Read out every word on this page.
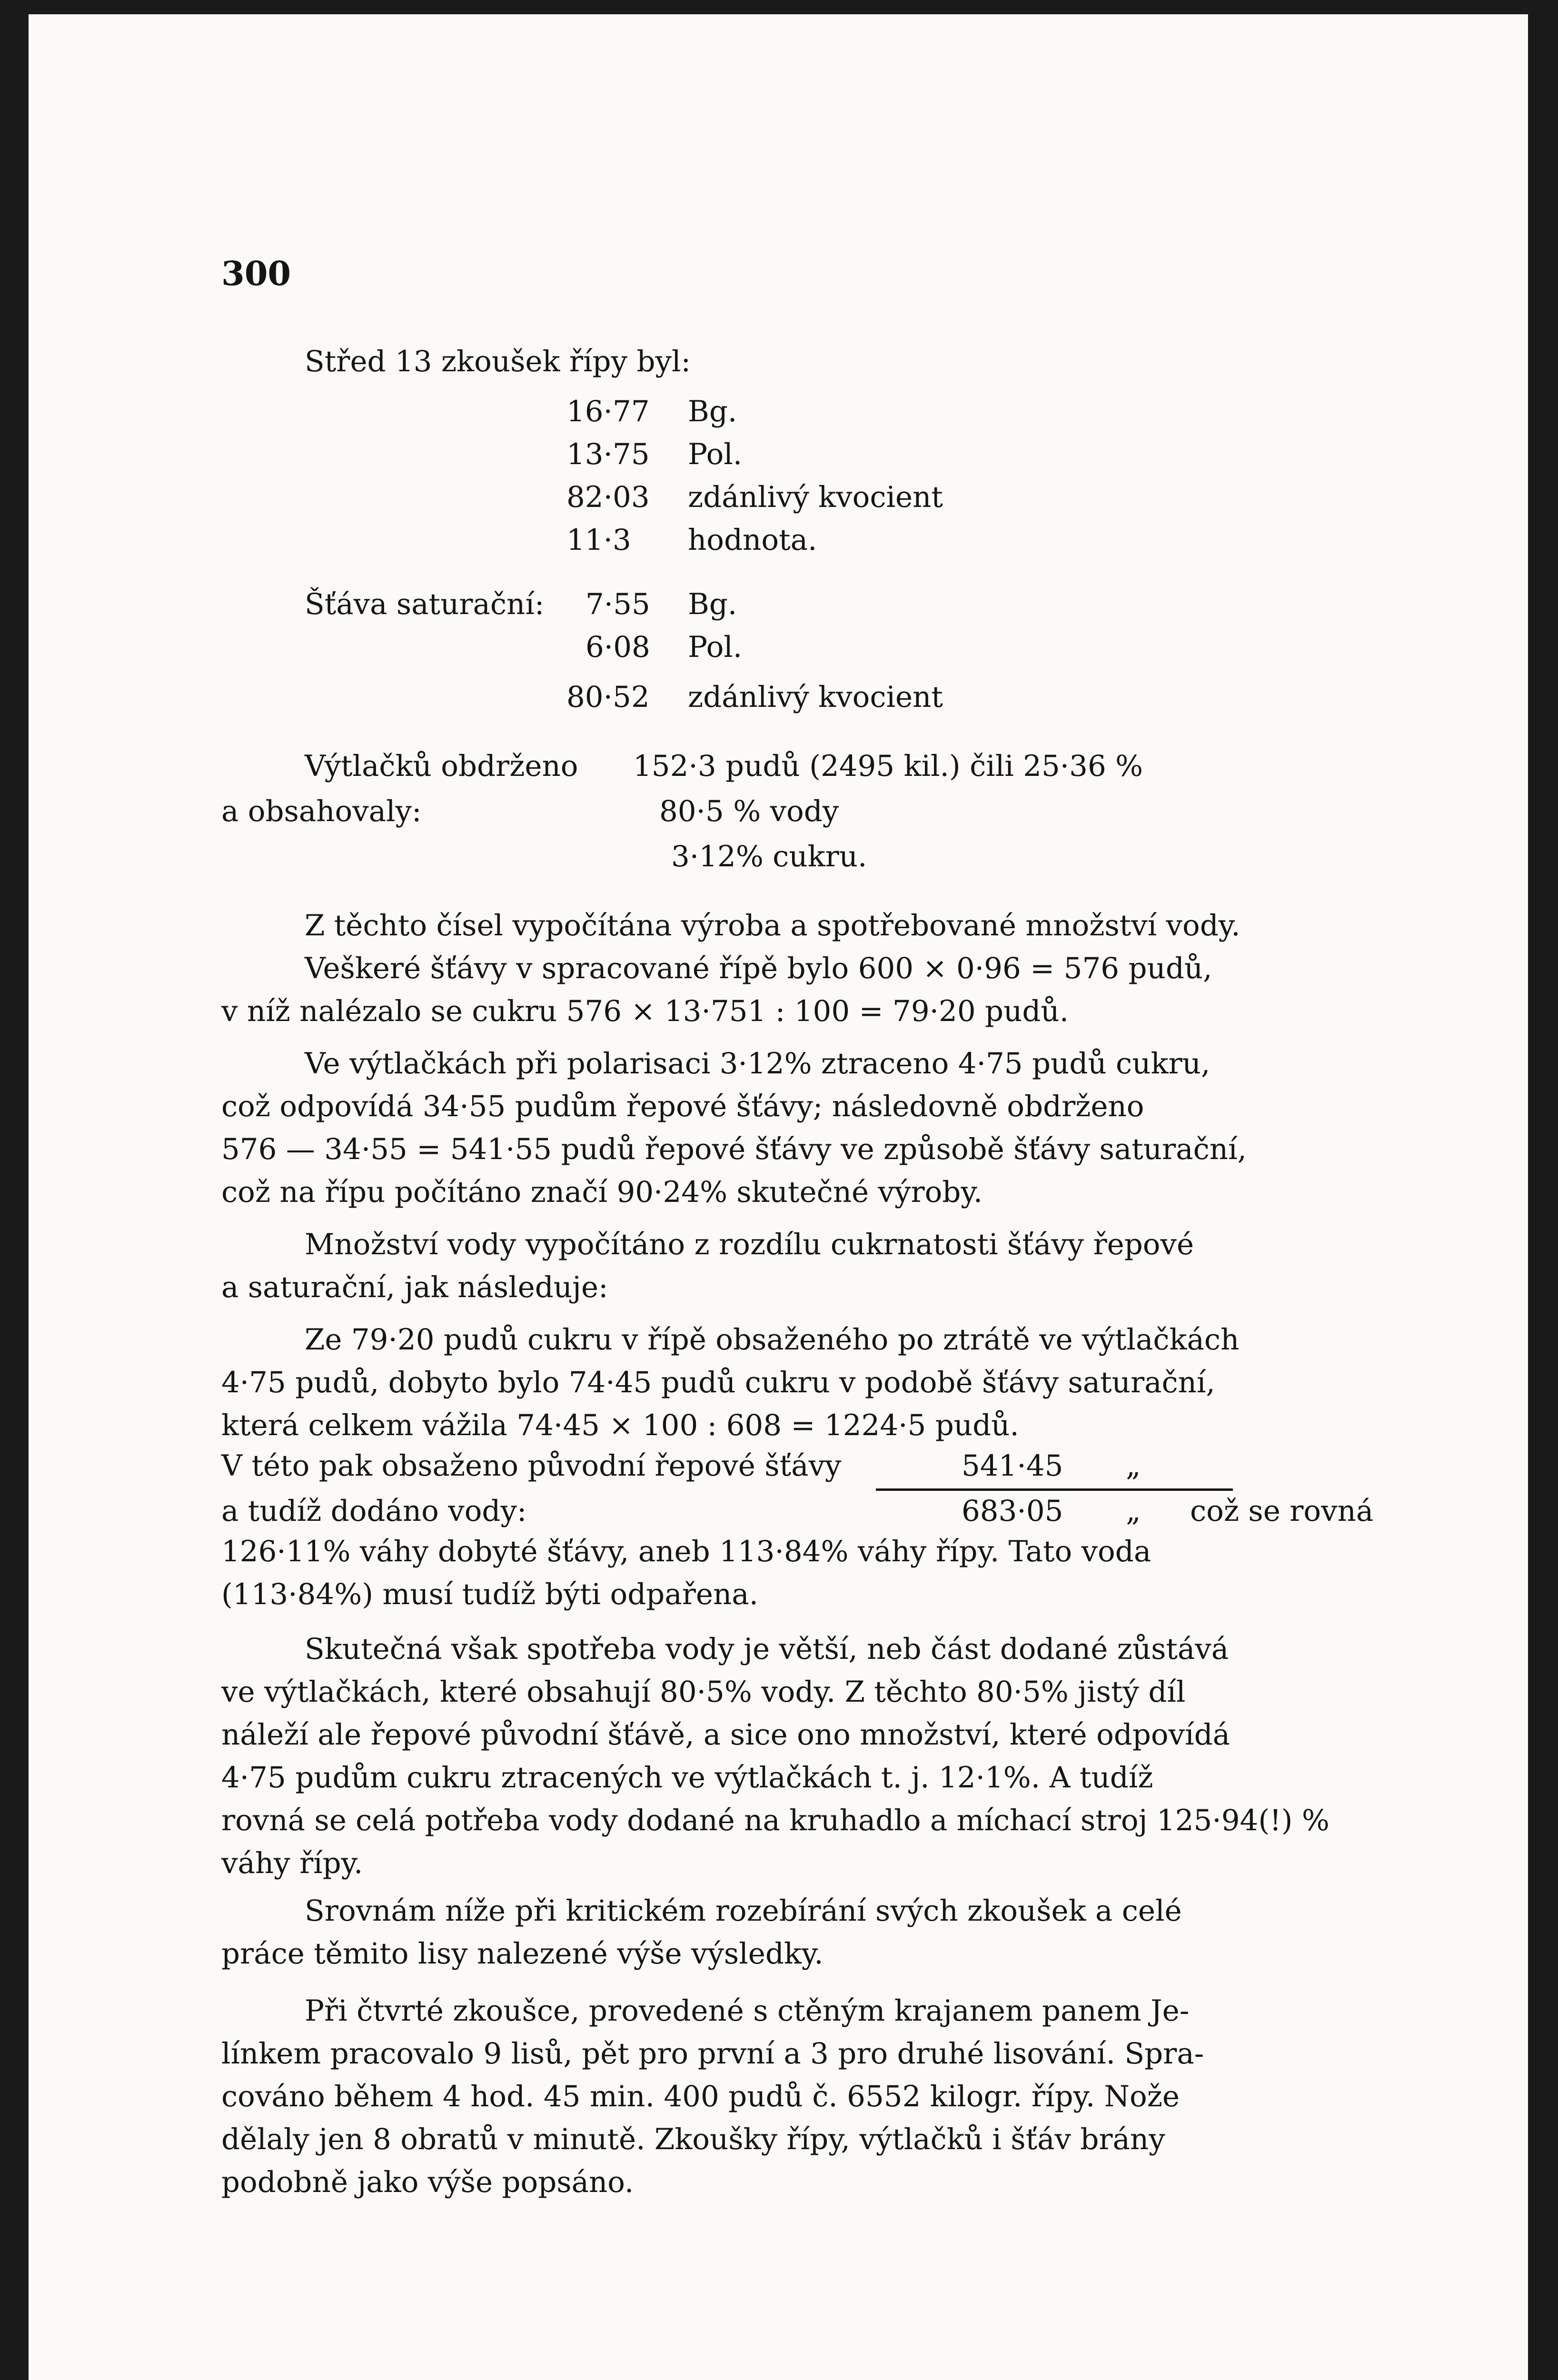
300
Střed 13 zkoušek řípy byl:
16·77 Bg.
13·75 Pol.
82·03 zdánlivý kvocient
11·3 hodnota.
Šťáva saturační: 7·55 Bg.
6·08 Pol.
80·52 zdánlivý kvocient
Výtlačků obdrženo 152·3 pudů (2495 kil.) čili 25·36 %
a obsahovaly:	80·5 % vody
3·12% cukru.
Z těchto čísel vypočítána výroba a spotřebované množství vody.
Veškeré šťávy v spracované řípě bylo 600 × 0·96 = 576 pudů,
v níž nalézalo se cukru 576 × 13·751 : 100 = 79·20 pudů.
Ve výtlačkách při polarisaci 3·12% ztraceno 4·75 pudů cukru,
což odpovídá 34·55 pudům řepové šťávy; následovně obdrženo
576 — 34·55 = 541·55 pudů řepové šťávy ve způsobě šťávy saturační,
což na řípu počítáno značí 90·24% skutečné výroby.
Množství vody vypočítáno z rozdílu cukrnatosti šťávy řepové
a saturační, jak následuje:
Ze 79·20 pudů cukru v řípě obsaženého po ztrátě ve výtlačkách
4·75 pudů, dobyto bylo 74·45 pudů cukru v podobě šťávy saturační,
která celkem vážila 74·45 × 100 : 608 = 1224·5 pudů.
V této pak obsaženo původní řepové šťávy	541·45 „
a tudíž dodáno vody:	683·05 „ což se rovná
126·11% váhy dobyté šťávy, aneb 113·84% váhy řípy. Tato voda
(113·84%) musí tudíž býti odpařena.
Skutečná však spotřeba vody je větší, neb část dodané zůstává
ve výtlačkách, které obsahují 80·5% vody. Z těchto 80·5% jistý díl
náleží ale řepové původní šťávě, a sice ono množství, které odpovídá
4·75 pudům cukru ztracených ve výtlačkách t. j. 12·1%. A tudíž
rovná se celá potřeba vody dodané na kruhadlo a míchací stroj 125·94(!) %
váhy řípy.
Srovnám níže při kritickém rozebírání svých zkoušek a celé
práce těmito lisy nalezené výše výsledky.
Při čtvrté zkoušce, provedené s ctěným krajanem panem Je-
línkem pracovalo 9 lisů, pět pro první a 3 pro druhé lisování. Spra-
cováno během 4 hod. 45 min. 400 pudů č. 6552 kilogr. řípy. Nože
dělaly jen 8 obratů v minutě. Zkoušky řípy, výtlačků i šťáv brány
podobně jako výše popsáno.
